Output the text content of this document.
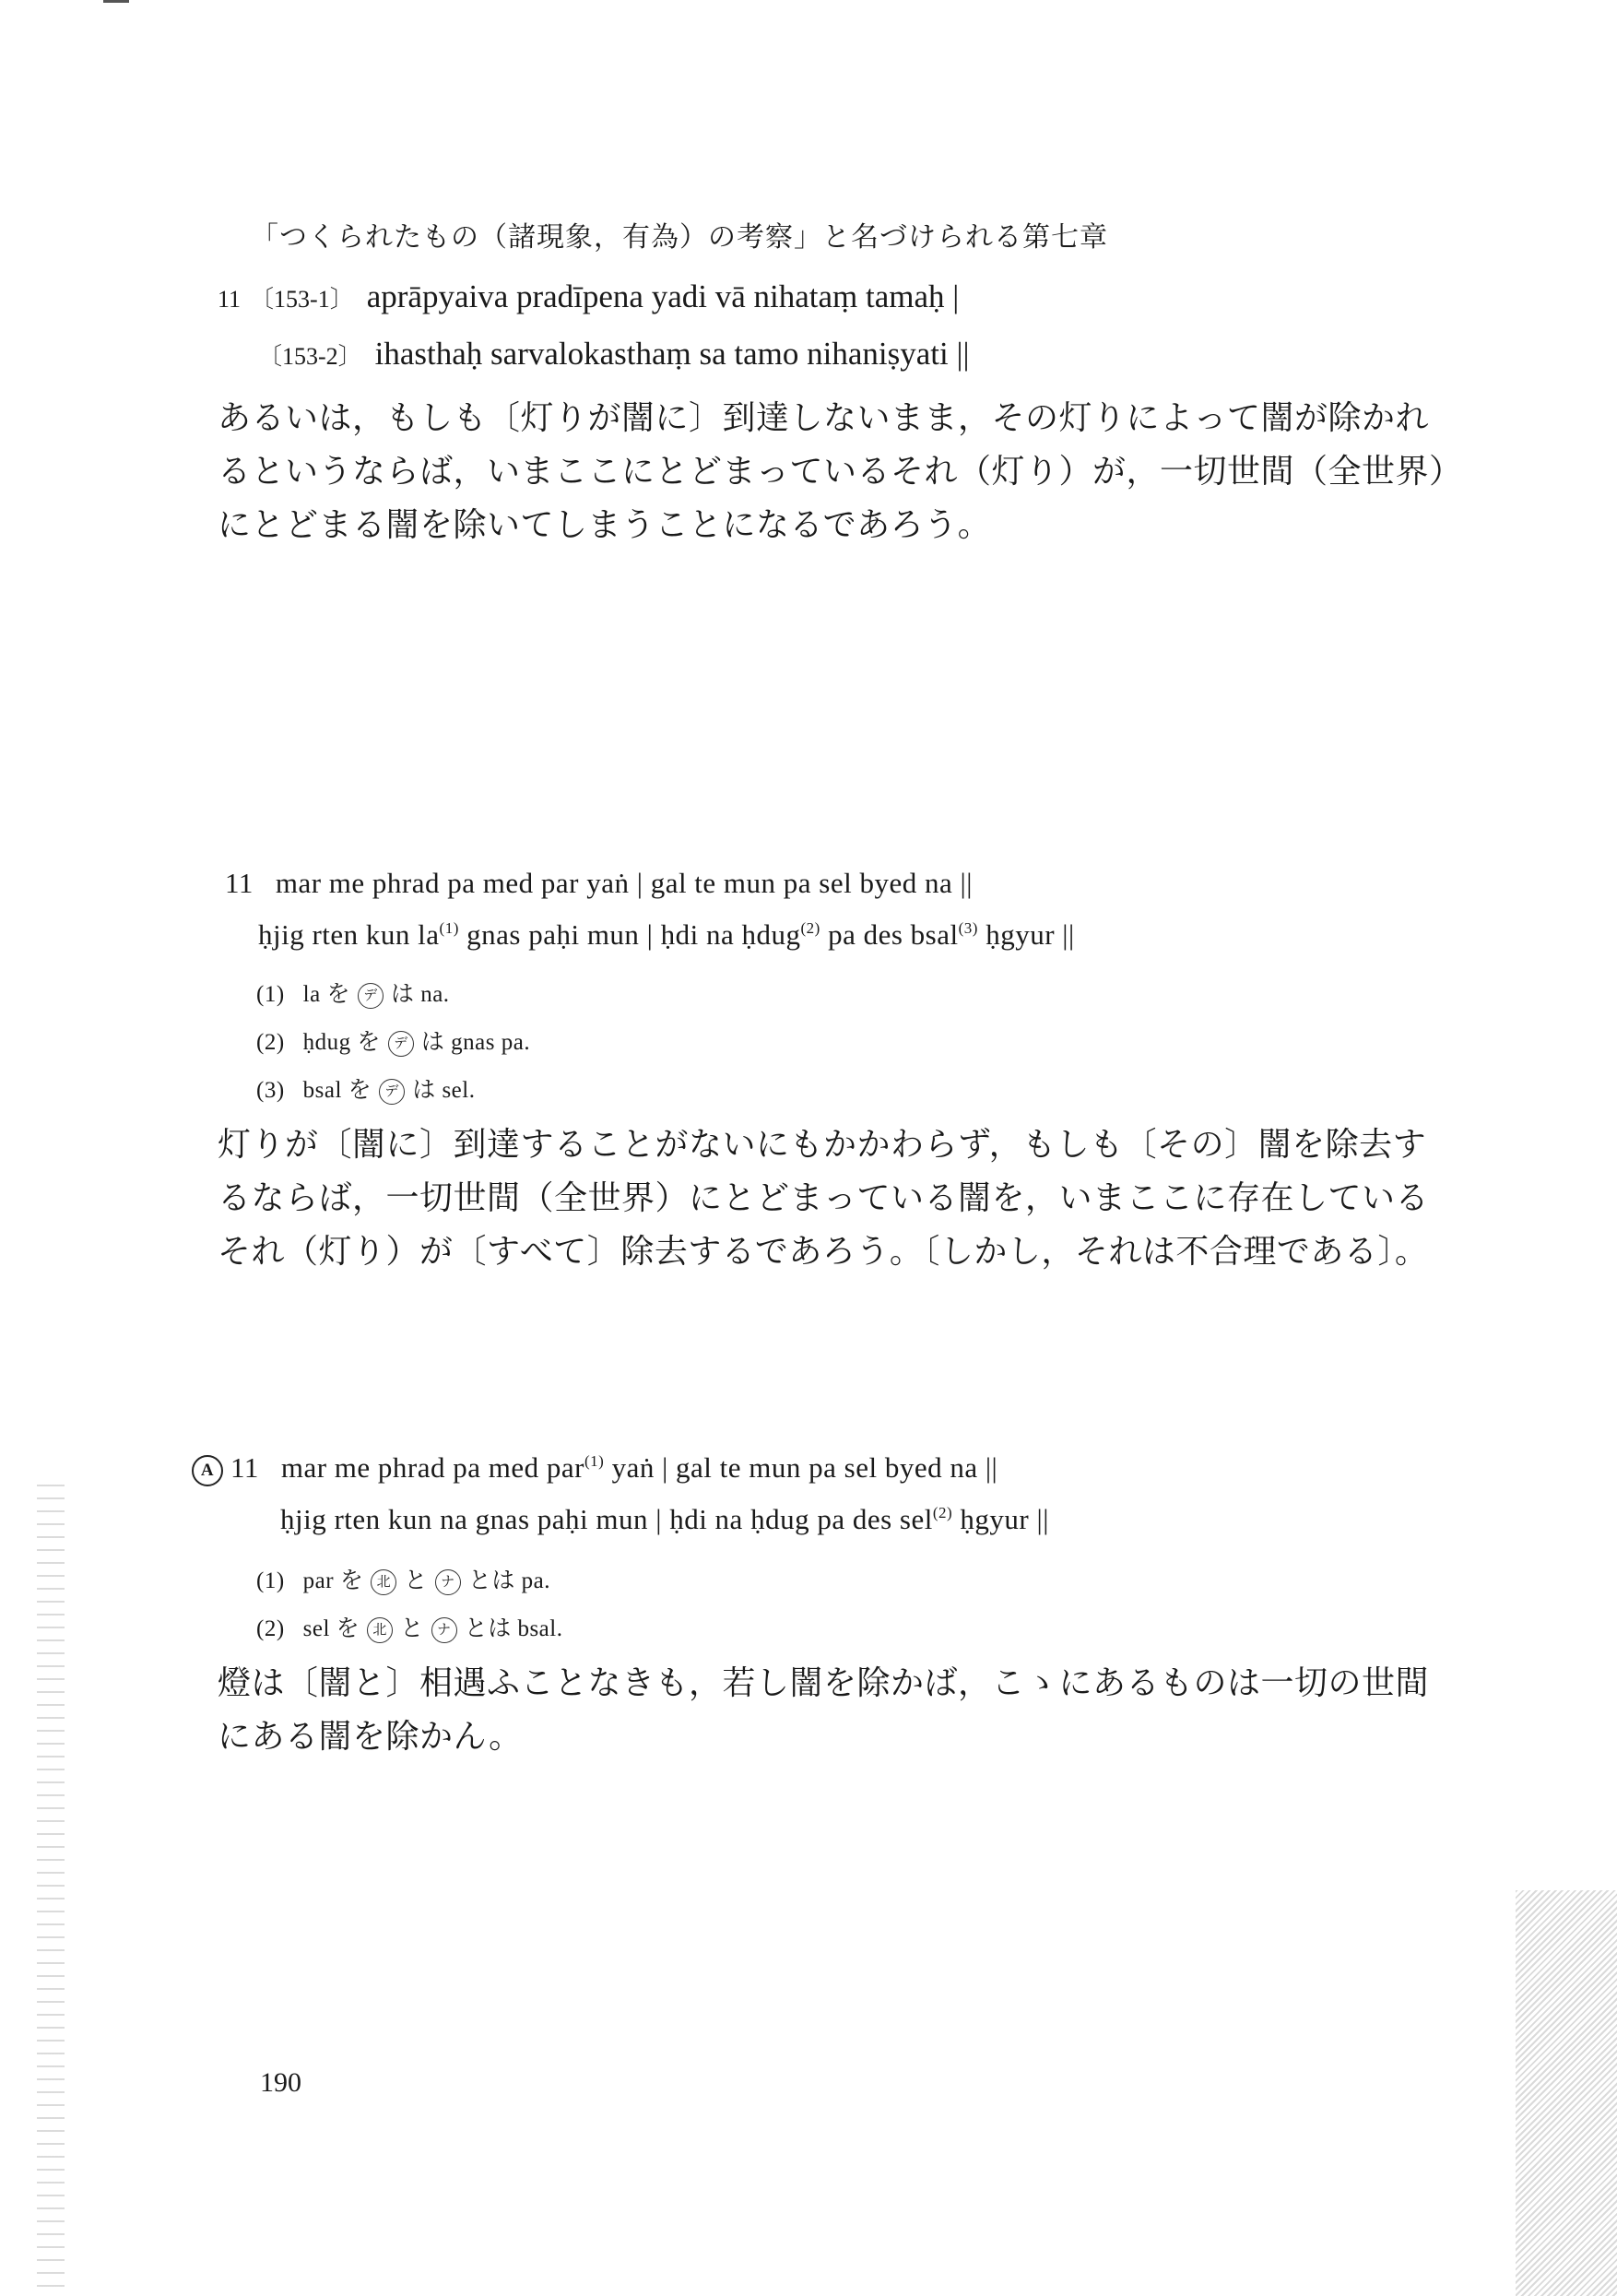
「つくられたもの（諸現象，有為）の考察」と名づけられる第七章
11 〔153-1〕 aprāpyaiva pradīpena yadi vā nihataṃ tamaḥ |
〔153-2〕 ihasthaḥ sarvalokasthaṃ sa tamo nihaniṣyati ||

あるいは，もしも〔灯りが闇に〕到達しないまま，その灯りによって闇が除かれ

るというならば，いまここにとどまっているそれ（灯り）が，一切世間（全世界）

にとどまる闇を除いてしまうことになるであろう。

11 mar me phrad pa med par yaṅ | gal te mun pa sel byed na ||
ḥjig rten kun $la^{(1)}$ gnas paḥi mun | ḥdi na ḥdug$^{(2)}$ pa des bsal$^{(3)}$ ḥgyur ||
(1) la を デ は na.
(2) ḥdug を デ は gnas pa.
(3) bsal を デ は sel.

灯りが〔闇に〕到達することがないにもかかわらず，もしも〔その〕闇を除去す

るならば，一切世間（全世界）にとどまっている闇を，いまここに存在している

それ（灯り）が〔すべて〕除去するであろう。〔しかし，それは不合理である〕。

A 11 mar me phrad pa med par$^{(1)}$ yaṅ | gal te mun pa sel byed na ||
ḥjig rten kun na gnas paḥi mun | ḥdi na ḥdug pa des sel$^{(2)}$ ḥgyur ||
(1) par を 北 と ナ とは pa.
(2) sel を 北 と ナ とは bsal.

燈は〔闇と〕相遇ふことなきも，若し闇を除かば，こゝにあるものは一切の世間

にある闇を除かん。

190
